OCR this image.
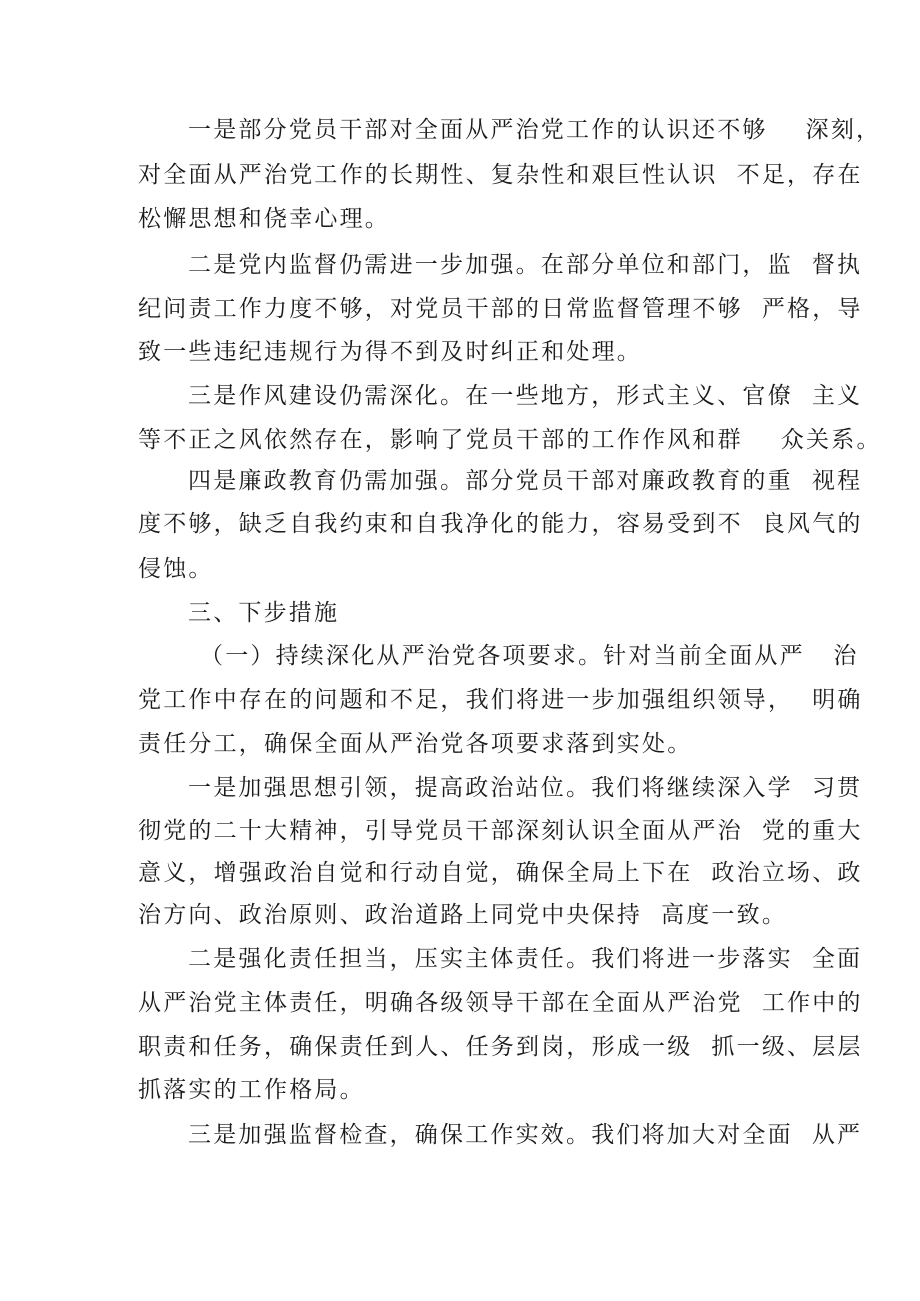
一是部分党员干部对全面从严治党工作的认识还不够    深刻，
对全面从严治党工作的长期性、复杂性和艰巨性认识  不足，存在
松懈思想和侥幸心理。
二是党内监督仍需进一步加强。在部分单位和部门，监  督执
纪问责工作力度不够，对党员干部的日常监督管理不够  严格，导
致一些违纪违规行为得不到及时纠正和处理。
三是作风建设仍需深化。在一些地方，形式主义、官僚  主义
等不正之风依然存在，影响了党员干部的工作作风和群    众关系。
四是廉政教育仍需加强。部分党员干部对廉政教育的重  视程
度不够，缺乏自我约束和自我净化的能力，容易受到不  良风气的
侵蚀。
三、下步措施
（一）持续深化从严治党各项要求。针对当前全面从严   治
党工作中存在的问题和不足，我们将进一步加强组织领导，  明确
责任分工，确保全面从严治党各项要求落到实处。
一是加强思想引领，提高政治站位。我们将继续深入学  习贯
彻党的二十大精神，引导党员干部深刻认识全面从严治  党的重大
意义，增强政治自觉和行动自觉，确保全局上下在  政治立场、政
治方向、政治原则、政治道路上同党中央保持  高度一致。
二是强化责任担当，压实主体责任。我们将进一步落实  全面
从严治党主体责任，明确各级领导干部在全面从严治党  工作中的
职责和任务，确保责任到人、任务到岗，形成一级  抓一级、层层
抓落实的工作格局。
三是加强监督检查，确保工作实效。我们将加大对全面  从严
